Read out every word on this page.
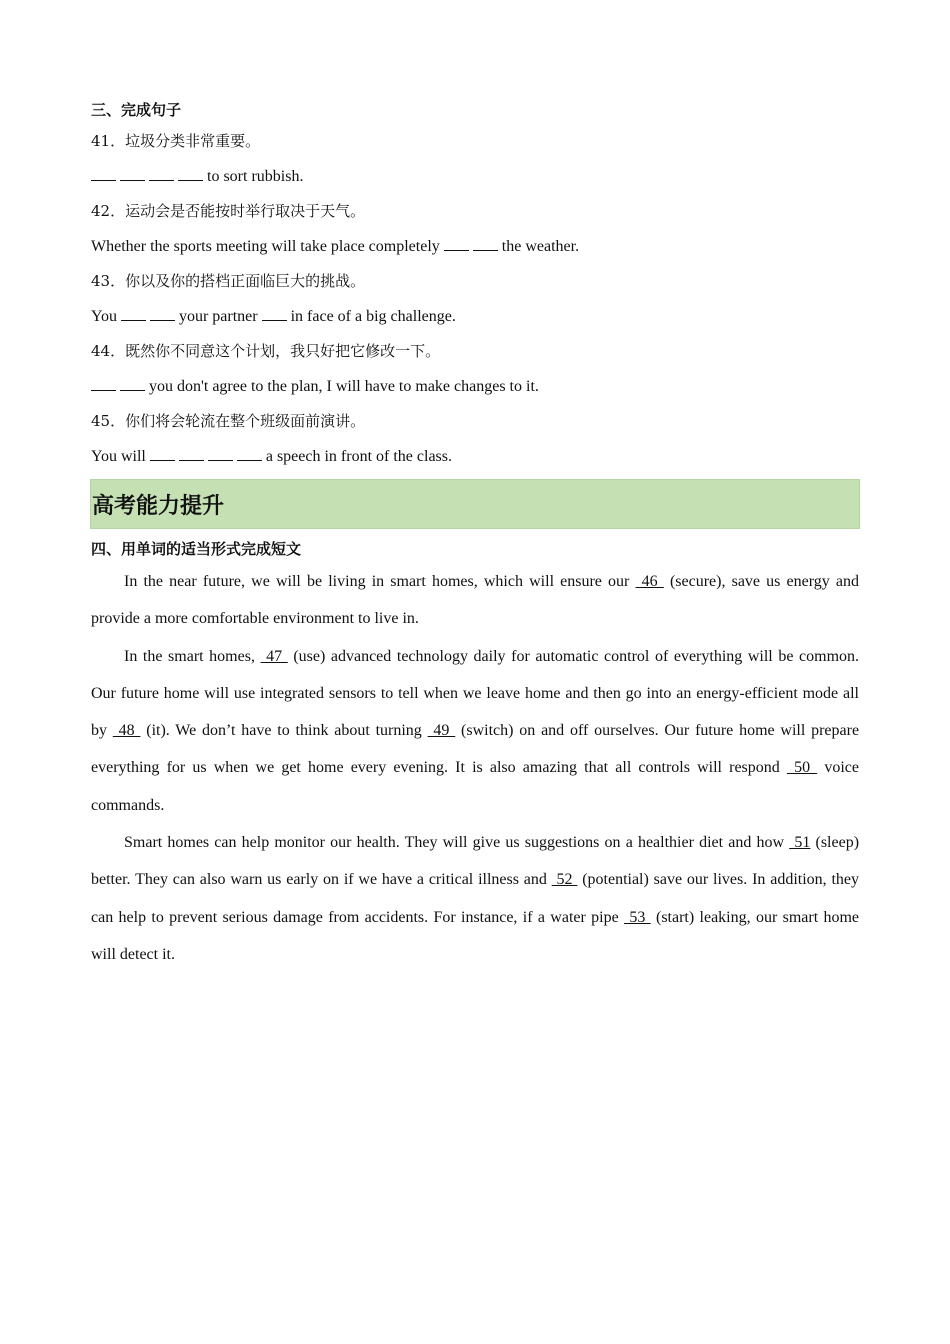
三、完成句子

41．垃圾分类非常重要。

to sort rubbish.

42．运动会是否能按时举行取决于天气。

Whether the sports meeting will take place completely	the weather.

43．你以及你的搭档正面临巨大的挑战。

You	your partner in face of a big challenge.

44．既然你不同意这个计划，我只好把它修改一下。

you don't agree to the plan, I will have to make changes to it.

45．你们将会轮流在整个班级面前演讲。

You will	a speech in front of the class.

高考能力提升

四、用单词的适当形式完成短文

In the near future, we will be living in smart homes, which will ensure our  46  (secure), save us energy and provide a more comfortable environment to live in.

In the smart homes,  47  (use) advanced technology daily for automatic control of everything will be common. Our future home will use integrated sensors to tell when we leave home and then go into an energy-efficient mode all by  48  (it). We don’t have to think about turning  49  (switch) on and off ourselves. Our future home will prepare everything for us when we get home every evening. It is also amazing that all controls will respond  50  voice commands.

Smart homes can help monitor our health. They will give us suggestions on a healthier diet and how  51 (sleep) better. They can also warn us early on if we have a critical illness and  52  (potential) save our lives. In addition, they can help to prevent serious damage from accidents. For instance, if a water pipe  53  (start) leaking, our smart home will detect it.
